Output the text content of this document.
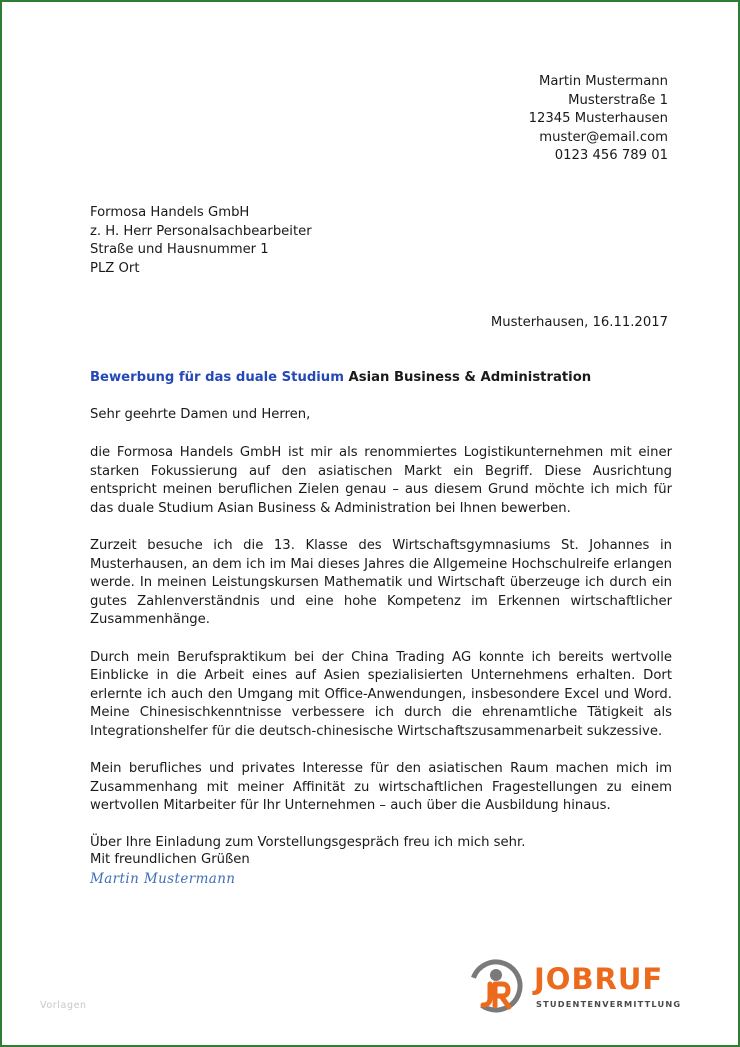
Martin Mustermann
Musterstraße 1
12345 Musterhausen
muster@email.com
0123 456 789 01
Formosa Handels GmbH
z. H. Herr Personalsachbearbeiter
Straße und Hausnummer 1
PLZ Ort
Musterhausen, 16.11.2017
Bewerbung für das duale Studium Asian Business & Administration
Sehr geehrte Damen und Herren,

die Formosa Handels GmbH ist mir als renommiertes Logistikunternehmen mit einer starken Fokussierung auf den asiatischen Markt ein Begriff. Diese Ausrichtung entspricht meinen beruflichen Zielen genau – aus diesem Grund möchte ich mich für das duale Studium Asian Business & Administration bei Ihnen bewerben.

Zurzeit besuche ich die 13. Klasse des Wirtschaftsgymnasiums St. Johannes in Musterhausen, an dem ich im Mai dieses Jahres die Allgemeine Hochschulreife erlangen werde. In meinen Leistungskursen Mathematik und Wirtschaft überzeuge ich durch ein gutes Zahlenverständnis und eine hohe Kompetenz im Erkennen wirtschaftlicher Zusammenhänge.

Durch mein Berufspraktikum bei der China Trading AG konnte ich bereits wertvolle Einblicke in die Arbeit eines auf Asien spezialisierten Unternehmens erhalten. Dort erlernte ich auch den Umgang mit Office-Anwendungen, insbesondere Excel und Word. Meine Chinesischkenntnisse verbessere ich durch die ehrenamtliche Tätigkeit als Integrationshelfer für die deutsch-chinesische Wirtschaftszusammenarbeit sukzessive.

Mein berufliches und privates Interesse für den asiatischen Raum machen mich im Zusammenhang mit meiner Affinität zu wirtschaftlichen Fragestellungen zu einem wertvollen Mitarbeiter für Ihr Unternehmen – auch über die Ausbildung hinaus.

Über Ihre Einladung zum Vorstellungsgespräch freu ich mich sehr.

Mit freundlichen Grüßen
Martin Mustermann
Vorlagen
JOBRUF
STUDENTENVERMITTLUNG
